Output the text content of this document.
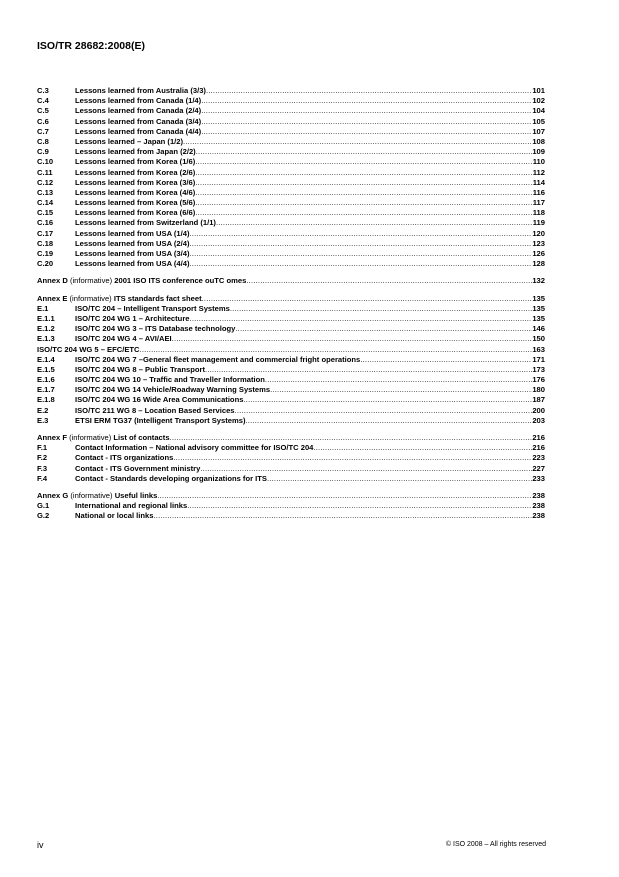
ISO/TR 28682:2008(E)
C.3	Lessons learned from Australia (3/3) .....	101
C.4	Lessons learned from Canada (1/4) .....	102
C.5	Lessons learned from Canada (2/4) .....	104
C.6	Lessons learned from Canada (3/4) .....	105
C.7	Lessons learned from Canada (4/4) .....	107
C.8	Lessons learned – Japan (1/2) .....	108
C.9	Lessons learned from Japan (2/2) .....	109
C.10	Lessons learned from Korea (1/6) .....	110
C.11	Lessons learned from Korea (2/6) .....	112
C.12	Lessons learned from Korea (3/6) .....	114
C.13	Lessons learned from Korea (4/6) .....	116
C.14	Lessons learned from Korea (5/6) .....	117
C.15	Lessons learned from Korea (6/6) .....	118
C.16	Lessons learned from Switzerland (1/1) .....	119
C.17	Lessons learned from USA (1/4) .....	120
C.18	Lessons learned from USA (2/4) .....	123
C.19	Lessons learned from USA (3/4) .....	126
C.20	Lessons learned from USA (4/4) .....	128
Annex D (informative) 2001 ISO ITS conference ouTC omes .....	132
Annex E (informative) ITS standards fact sheet .....	135
E.1	ISO/TC 204 – Intelligent Transport Systems .....	135
E.1.1	ISO/TC 204 WG 1 – Architecture .....	135
E.1.2	ISO/TC 204 WG 3 – ITS Database technology .....	146
E.1.3	ISO/TC 204 WG 4 – AVI/AEI .....	150
ISO/TC 204 WG 5 – EFC/ETC .....	163
E.1.4	ISO/TC 204 WG 7 –General fleet management and commercial fright operations .....	171
E.1.5	ISO/TC 204 WG 8 – Public Transport .....	173
E.1.6	ISO/TC 204 WG 10 – Traffic and Traveller Information .....	176
E.1.7	ISO/TC 204 WG 14 Vehicle/Roadway Warning Systems .....	180
E.1.8	ISO/TC 204 WG 16 Wide Area Communications .....	187
E.2	ISO/TC 211 WG 8 – Location Based Services .....	200
E.3	ETSI ERM TG37 (Intelligent Transport Systems) .....	203
Annex F (informative) List of contacts .....	216
F.1	Contact Information – National advisory committee for ISO/TC 204 .....	216
F.2	Contact - ITS organizations .....	223
F.3	Contact - ITS Government ministry .....	227
F.4	Contact - Standards developing organizations for ITS .....	233
Annex G (informative) Useful links .....	238
G.1	International and regional links .....	238
G.2	National or local links .....	238
iv	© ISO 2008 – All rights reserved
